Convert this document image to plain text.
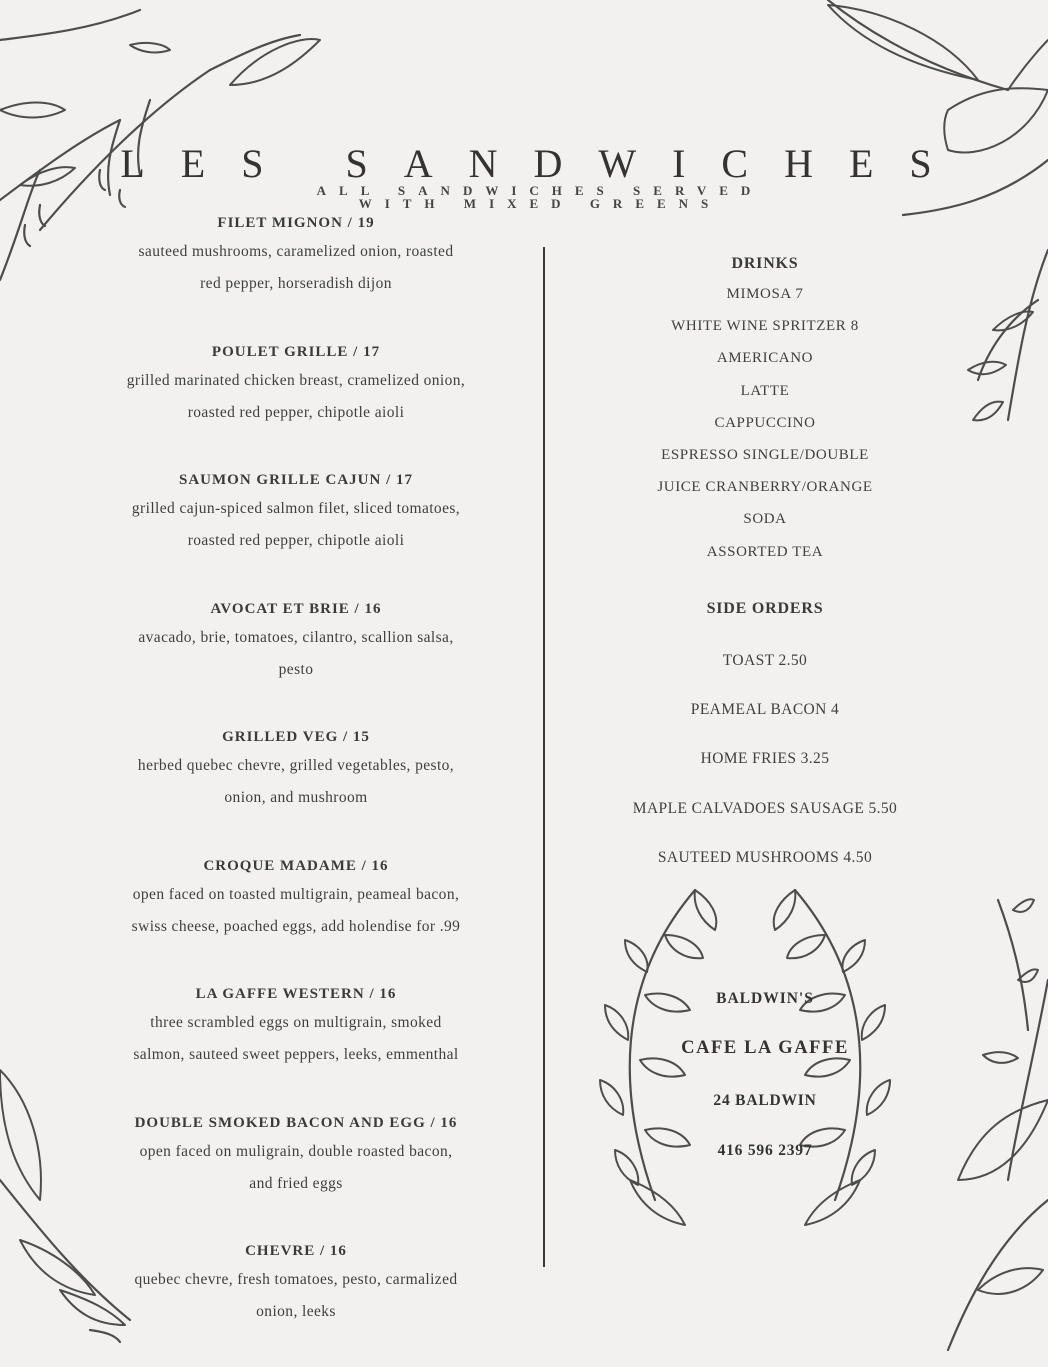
LES SANDWICHES

ALL SANDWICHES SERVED WITH MIXED GREENS

FILET MIGNON / 19
sauteed mushrooms, caramelized onion, roasted
red pepper, horseradish dijon
POULET GRILLE / 17
grilled marinated chicken breast, cramelized onion,
roasted red pepper, chipotle aioli
SAUMON GRILLE CAJUN / 17
grilled cajun-spiced salmon filet, sliced tomatoes,
roasted red pepper, chipotle aioli
AVOCAT ET BRIE / 16
avacado, brie, tomatoes, cilantro, scallion salsa,
pesto
GRILLED VEG / 15
herbed quebec chevre, grilled vegetables, pesto,
onion, and mushroom
CROQUE MADAME / 16
open faced on toasted multigrain, peameal bacon,
swiss cheese, poached eggs, add holendise for .99
LA GAFFE WESTERN / 16
three scrambled eggs on multigrain, smoked
salmon, sauteed sweet peppers, leeks, emmenthal
DOUBLE SMOKED BACON AND EGG / 16
open faced on muligrain, double roasted bacon,
and fried eggs
CHEVRE / 16
quebec chevre, fresh tomatoes, pesto, carmalized
onion, leeks
DRINKS
MIMOSA 7
WHITE WINE SPRITZER 8
AMERICANO
LATTE
CAPPUCCINO
ESPRESSO SINGLE/DOUBLE
JUICE CRANBERRY/ORANGE
SODA
ASSORTED TEA
SIDE ORDERS
TOAST 2.50
PEAMEAL BACON 4
HOME FRIES 3.25
MAPLE CALVADOES SAUSAGE 5.50
SAUTEED MUSHROOMS 4.50
BALDWIN'S
CAFE LA GAFFE
24 BALDWIN
416 596 2397
